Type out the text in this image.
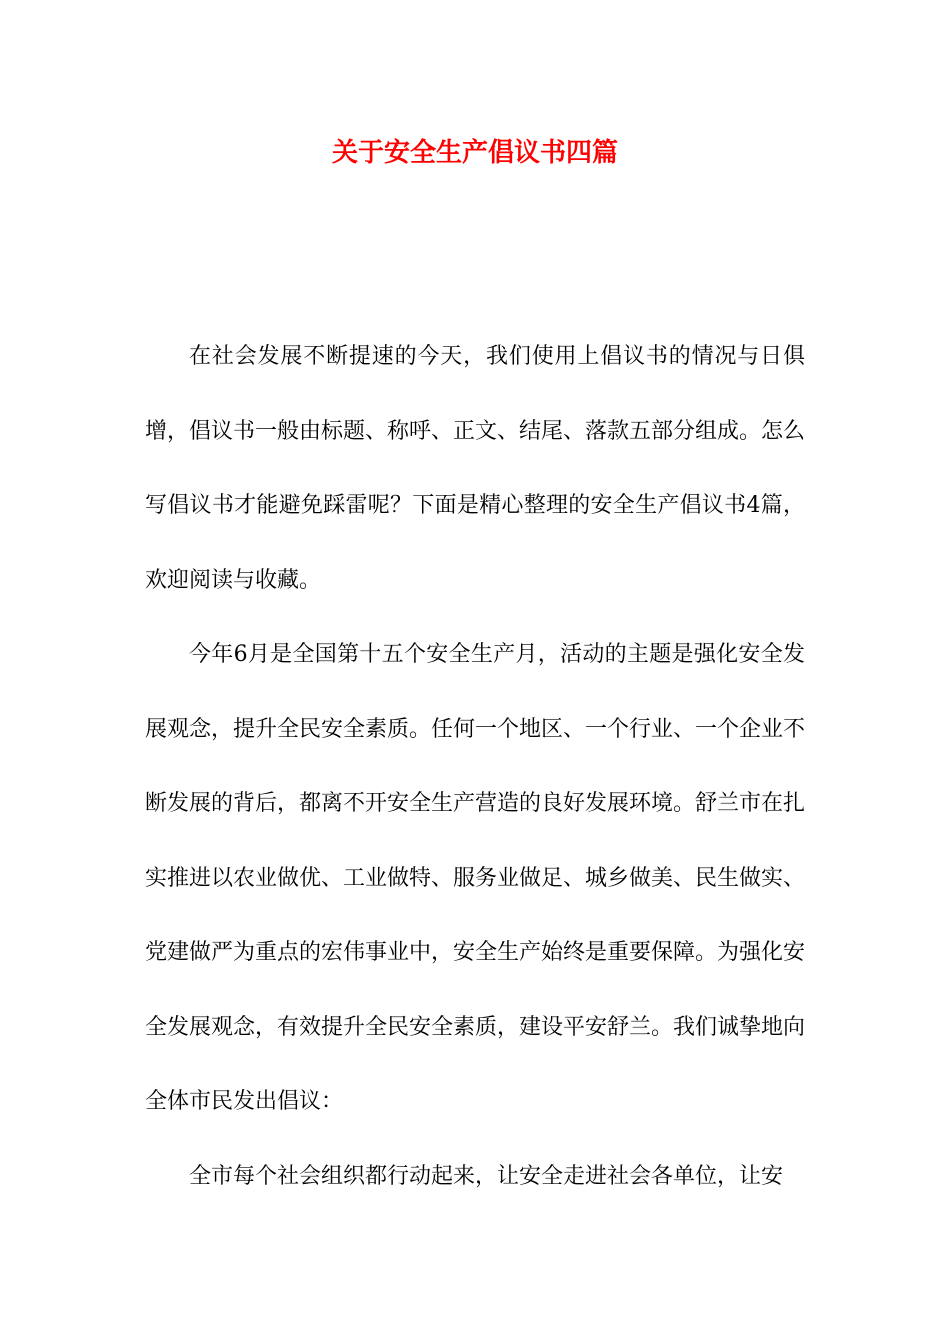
关于安全生产倡议书四篇

在社会发展不断提速的今天，我们使用上倡议书的情况与日俱增，倡议书一般由标题、称呼、正文、结尾、落款五部分组成。怎么写倡议书才能避免踩雷呢？下面是精心整理的安全生产倡议书4篇，欢迎阅读与收藏。

今年6月是全国第十五个安全生产月，活动的主题是强化安全发展观念，提升全民安全素质。任何一个地区、一个行业、一个企业不断发展的背后，都离不开安全生产营造的良好发展环境。舒兰市在扎实推进以农业做优、工业做特、服务业做足、城乡做美、民生做实、党建做严为重点的宏伟事业中，安全生产始终是重要保障。为强化安全发展观念，有效提升全民安全素质，建设平安舒兰。我们诚挚地向全体市民发出倡议：

全市每个社会组织都行动起来，让安全走进社会各单位，让安
